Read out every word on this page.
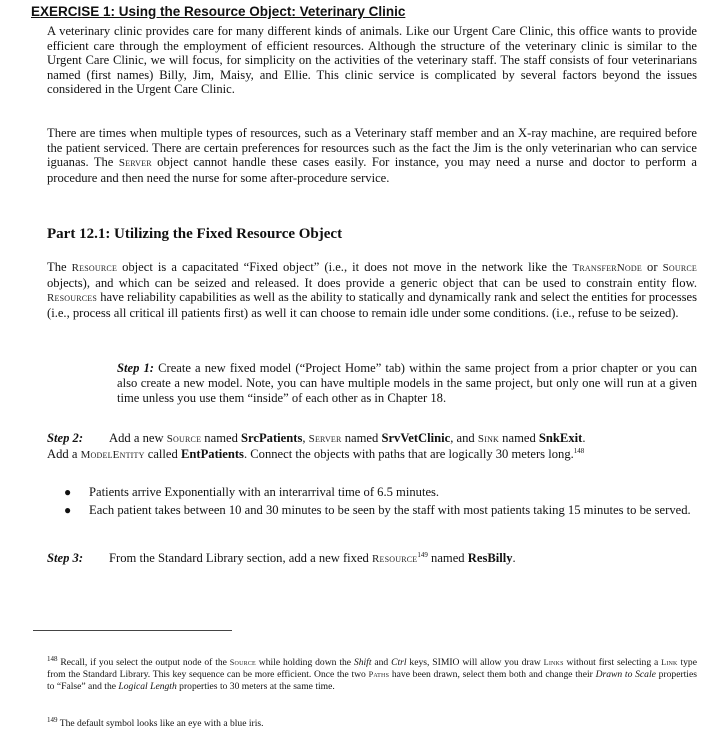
EXERCISE 1: Using the Resource Object: Veterinary Clinic

A veterinary clinic provides care for many different kinds of animals. Like our Urgent Care Clinic, this office wants to provide efficient care through the employment of efficient resources. Although the structure of the veterinary clinic is similar to the Urgent Care Clinic, we will focus, for simplicity on the activities of the veterinary staff. The staff consists of four veterinarians named (first names) Billy, Jim, Maisy, and Ellie. This clinic service is complicated by several factors beyond the issues considered in the Urgent Care Clinic.

There are times when multiple types of resources, such as a Veterinary staff member and an X-ray machine, are required before the patient serviced. There are certain preferences for resources such as the fact the Jim is the only veterinarian who can service iguanas. The Server object cannot handle these cases easily. For instance, you may need a nurse and doctor to perform a procedure and then need the nurse for some after-procedure service.

Part 12.1: Utilizing the Fixed Resource Object

The Resource object is a capacitated “Fixed object” (i.e., it does not move in the network like the TransferNode or Source objects), and which can be seized and released. It does provide a generic object that can be used to constrain entity flow. Resources have reliability capabilities as well as the ability to statically and dynamically rank and select the entities for processes (i.e., process all critical ill patients first) as well it can choose to remain idle under some conditions. (i.e., refuse to be seized).

Step 1: Create a new fixed model (“Project Home” tab) within the same project from a prior chapter or you can also create a new model. Note, you can have multiple models in the same project, but only one will run at a given time unless you use them “inside” of each other as in Chapter 18.

Step 2: Add a new Source named SrcPatients, Server named SrvVetClinic, and Sink named SnkExit.
Add a ModelEntity called EntPatients. Connect the objects with paths that are logically 30 meters long.$^{148}$

● Patients arrive Exponentially with an interarrival time of 6.5 minutes.
● Each patient takes between 10 and 30 minutes to be seen by the staff with most patients taking 15 minutes to be served.

Step 3: From the Standard Library section, add a new fixed Resource$^{149}$ named ResBilly.

$^{148}$ Recall, if you select the output node of the Source while holding down the Shift and Ctrl keys, SIMIO will allow you draw Links without first selecting a Link type from the Standard Library. This key sequence can be more efficient. Once the two Paths have been drawn, select them both and change their Drawn to Scale properties to “False” and the Logical Length properties to 30 meters at the same time.

$^{149}$ The default symbol looks like an eye with a blue iris.
